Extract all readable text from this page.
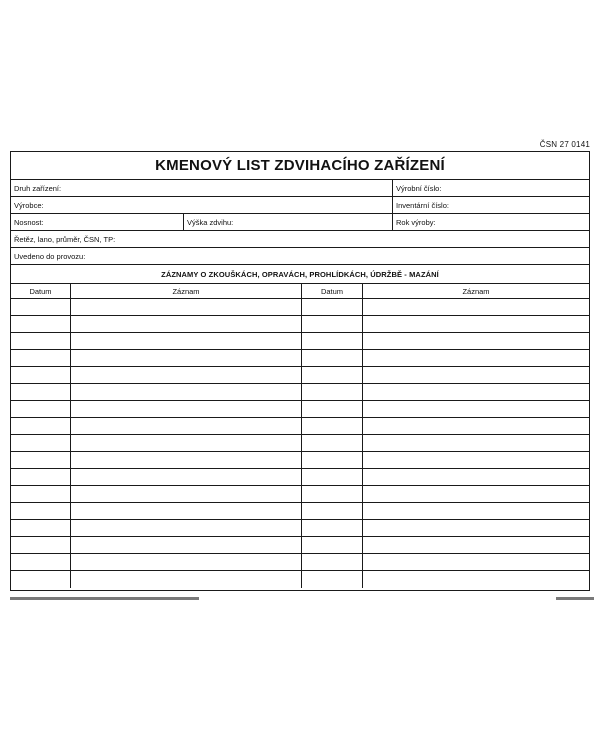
ČSN 27 0141
KMENOVÝ LIST ZDVIHACÍHO ZAŘÍZENÍ
Druh zařízení:	Výrobní číslo:
Výrobce:	Inventární číslo:
Nosnost:	Výška zdvihu:	Rok výroby:
Řetěz, lano, průměr, ČSN, TP:
Uvedeno do provozu:
ZÁZNAMY O ZKOUŠKÁCH, OPRAVÁCH, PROHLÍDKÁCH, ÚDRŽBĚ - MAZÁNÍ
Datum	Záznam	Datum	Záznam
